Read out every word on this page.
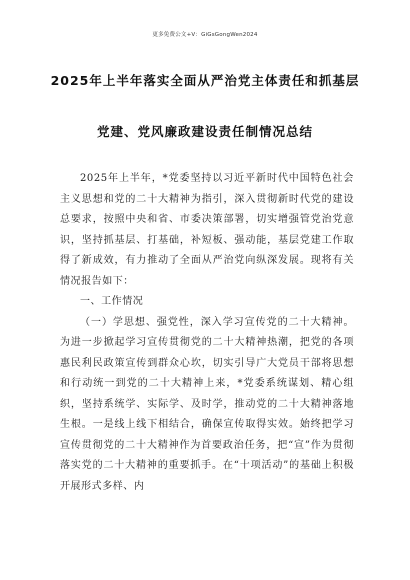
更多免费公文+V：GiGsGongWen2024
2025年上半年落实全面从严治党主体责任和抓基层
党建、党风廉政建设责任制情况总结

2025年上半年，*党委坚持以习近平新时代中国特色社会主义思想和党的二十大精神为指引，深入贯彻新时代党的建设总要求，按照中央和省、市委决策部署，切实增强管党治党意识，坚持抓基层、打基础，补短板、强动能，基层党建工作取得了新成效，有力推动了全面从严治党向纵深发展。现将有关情况报告如下：

一、工作情况

（一）学思想、强党性，深入学习宣传党的二十大精神。为进一步掀起学习宣传贯彻党的二十大精神热潮，把党的各项惠民利民政策宣传到群众心坎，切实引导广大党员干部将思想和行动统一到党的二十大精神上来，*党委系统谋划、精心组织，坚持系统学、实际学、及时学，推动党的二十大精神落地生根。一是线上线下相结合，确保宣传取得实效。始终把学习宣传贯彻党的二十大精神作为首要政治任务，把“宣”作为贯彻落实党的二十大精神的重要抓手。在“十项活动”的基础上积极开展形式多样、内
